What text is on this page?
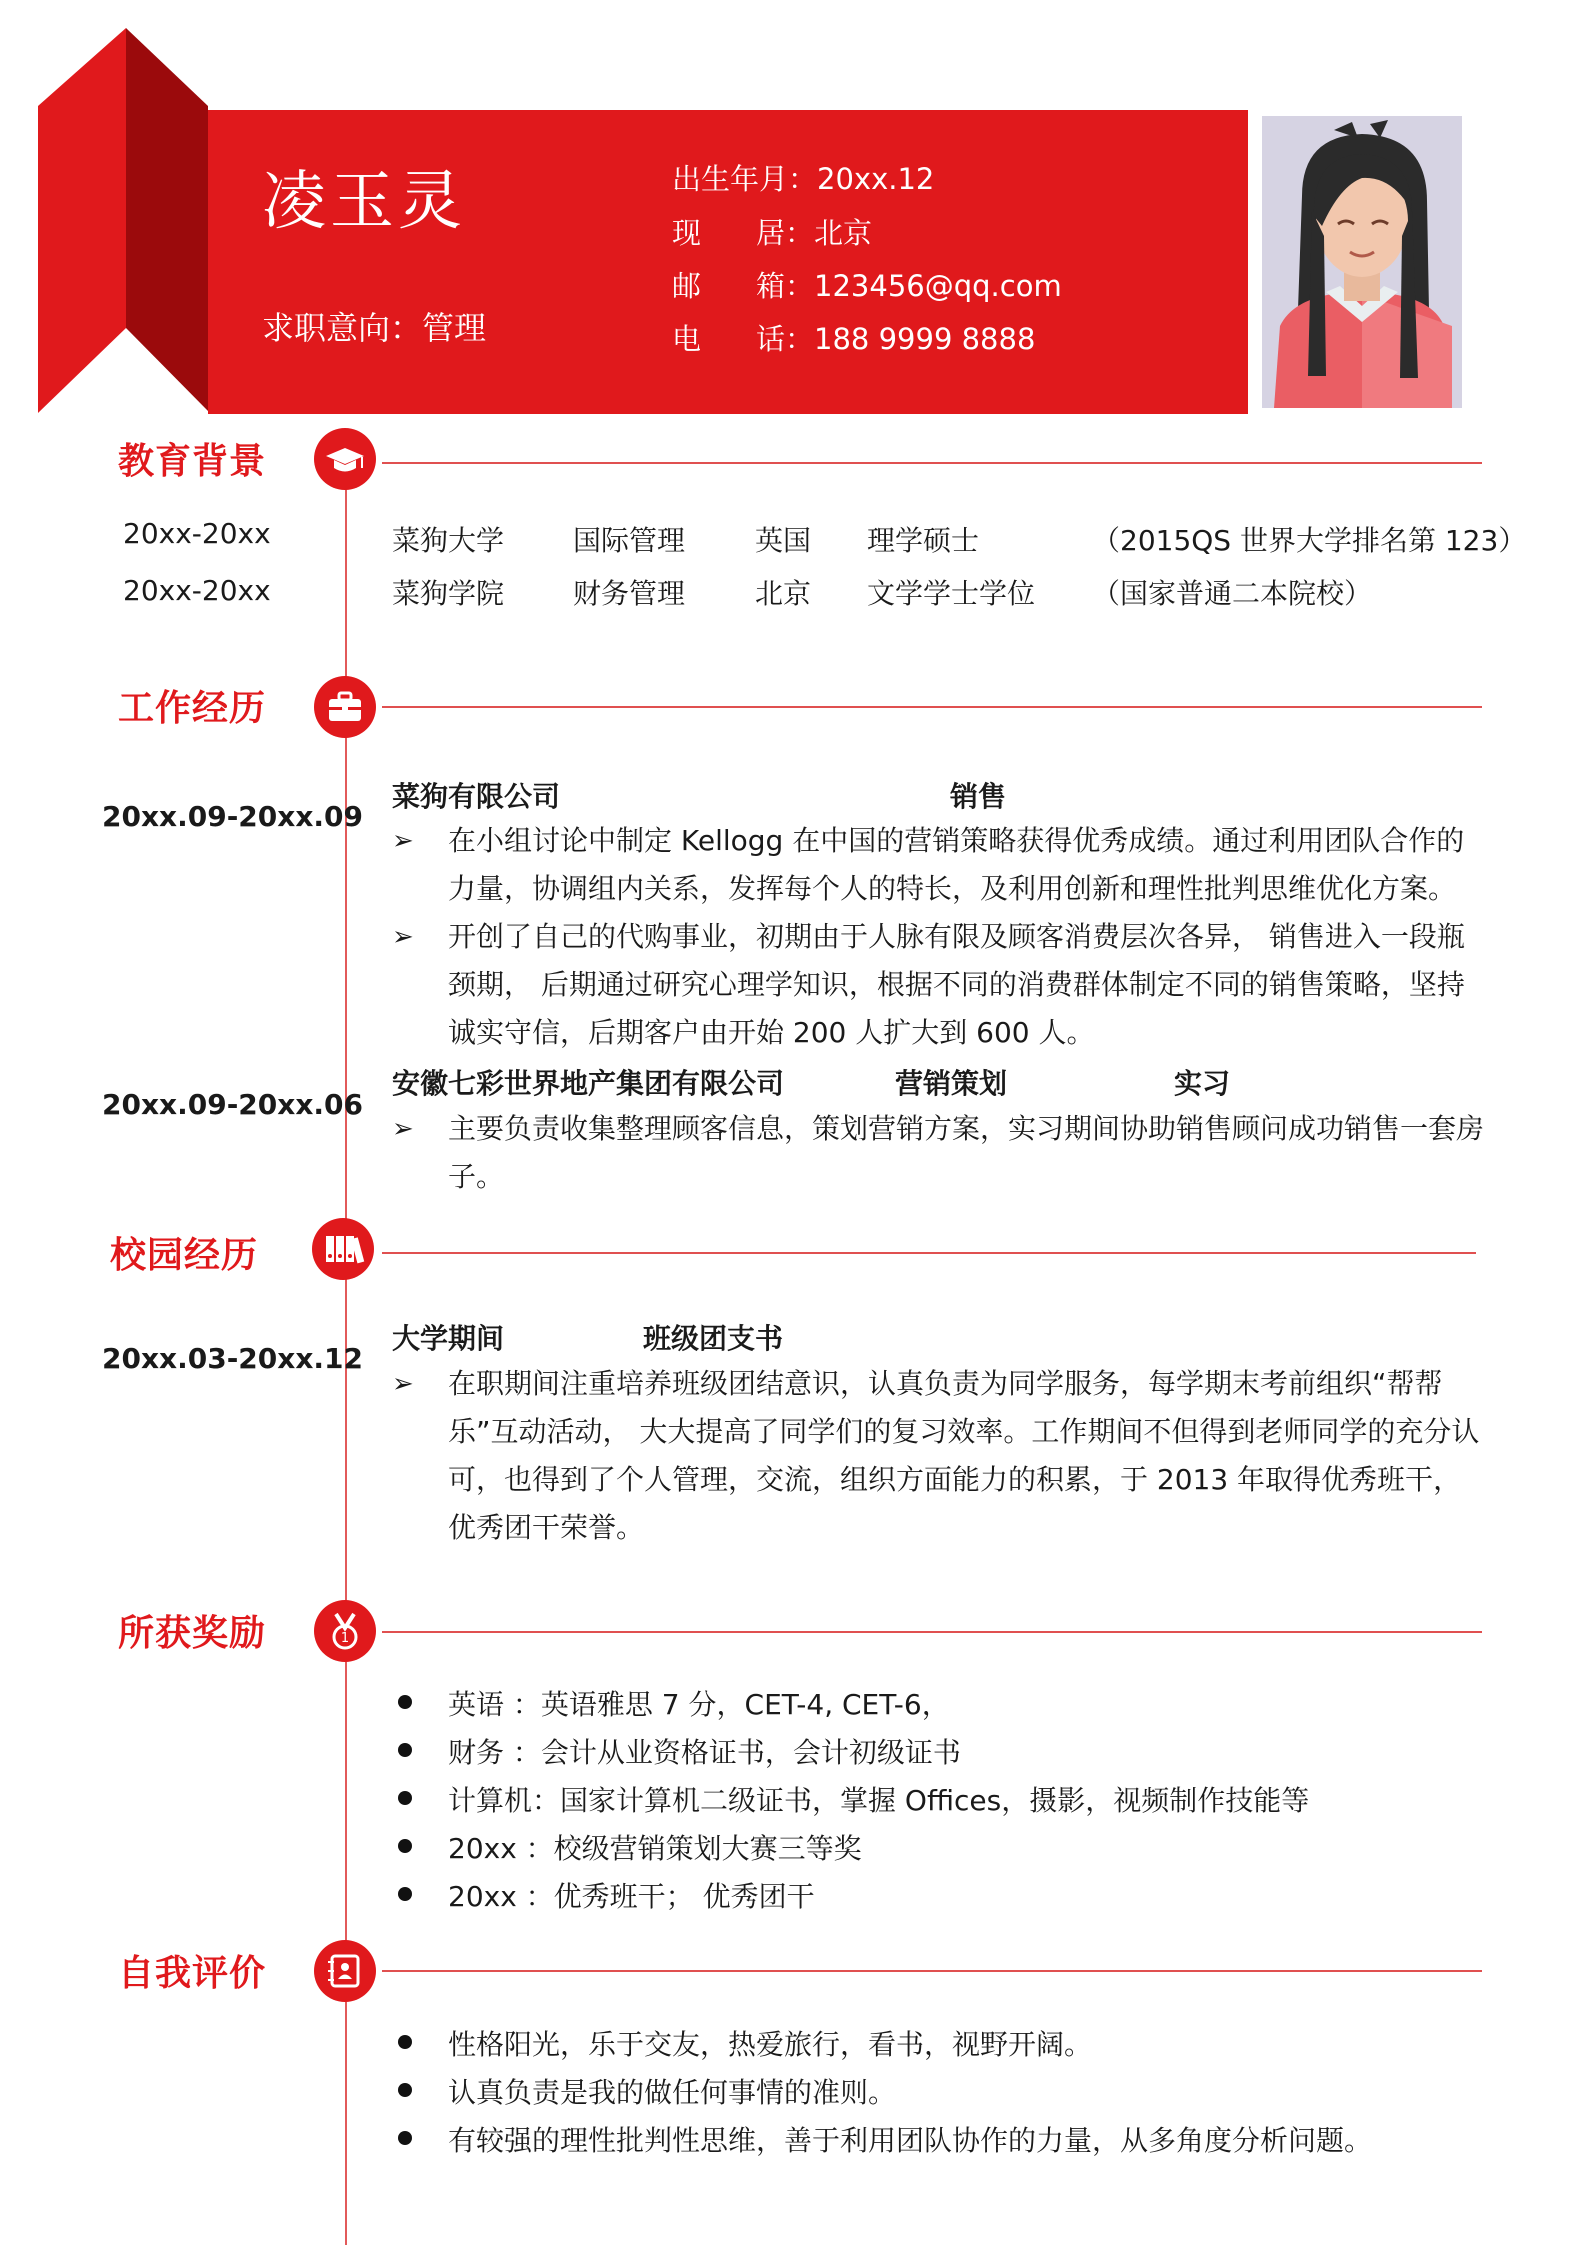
凌玉灵
求职意向：管理
出生年月：20xx.12
现 居：北京
邮 箱：123456@qq.com
电 话：188 9999 8888
教育背景
20xx-20xx	菜狗大学 国际管理 英国 理学硕士	（2015QS 世界大学排名第 123）
20xx-20xx	菜狗学院 财务管理 北京 文学学士学位 （国家普通二本院校）
工作经历
20xx.09-20xx.09
菜狗有限公司	销售
➢ 在小组讨论中制定 Kellogg 在中国的营销策略获得优秀成绩。通过利用团队合作的力量，协调组内关系，发挥每个人的特长，及利用创新和理性批判思维优化方案。
➢ 开创了自己的代购事业，初期由于人脉有限及顾客消费层次各异， 销售进入一段瓶颈期， 后期通过研究心理学知识，根据不同的消费群体制定不同的销售策略，坚持诚实守信，后期客户由开始 200 人扩大到 600 人。
20xx.09-20xx.06
安徽七彩世界地产集团有限公司	营销策划	实习
➢ 主要负责收集整理顾客信息，策划营销方案，实习期间协助销售顾问成功销售一套房子。
校园经历
20xx.03-20xx.12
大学期间	班级团支书
➢ 在职期间注重培养班级团结意识，认真负责为同学服务，每学期末考前组织“帮帮乐”互动活动， 大大提高了同学们的复习效率。工作期间不但得到老师同学的充分认可，也得到了个人管理，交流，组织方面能力的积累，于 2013 年取得优秀班干，优秀团干荣誉。
所获奖励	1
英语 ：英语雅思 7 分，CET-4, CET-6，
财务 ：会计从业资格证书，会计初级证书
计算机：国家计算机二级证书，掌握 Offices，摄影，视频制作技能等
20xx ：校级营销策划大赛三等奖
20xx ：优秀班干； 优秀团干
自我评价
性格阳光，乐于交友，热爱旅行，看书，视野开阔。
认真负责是我的做任何事情的准则。
有较强的理性批判性思维，善于利用团队协作的力量，从多角度分析问题。
